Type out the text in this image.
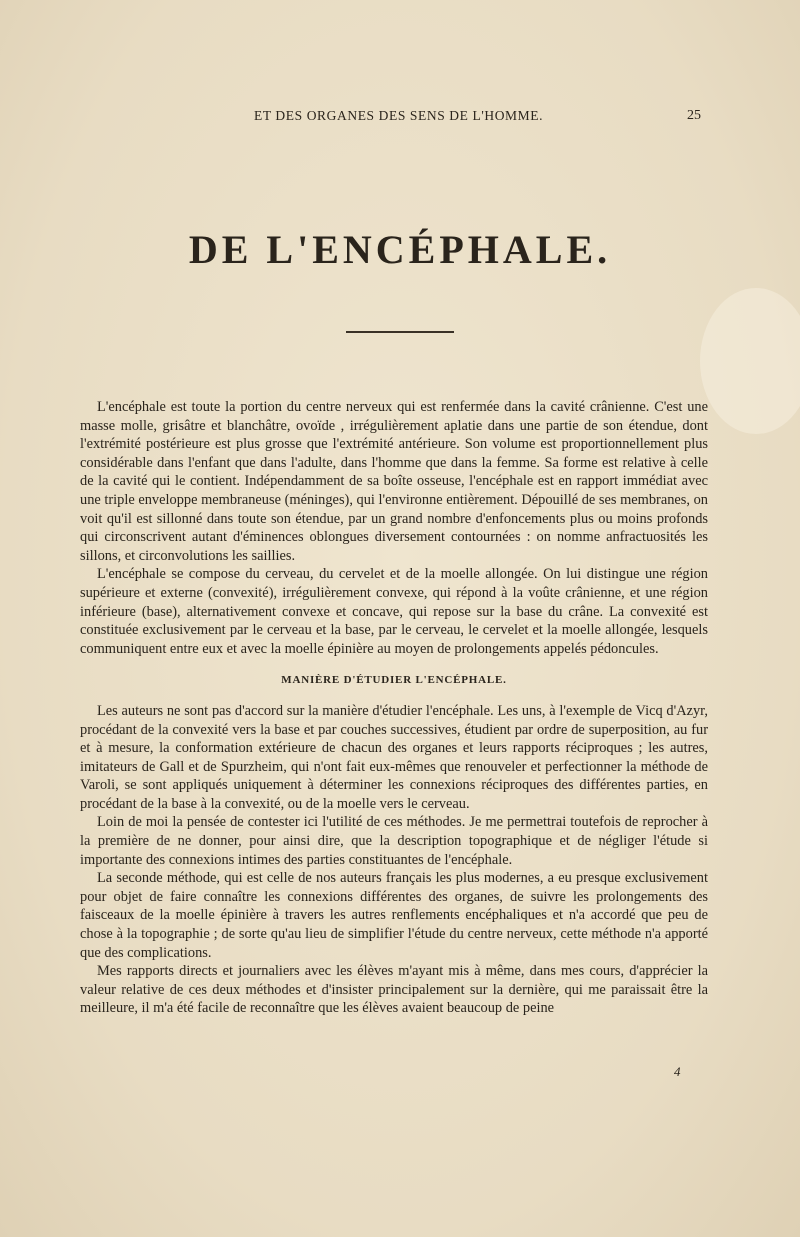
ET DES ORGANES DES SENS DE L'HOMME.	25
DE L'ENCÉPHALE.

L'encéphale est toute la portion du centre nerveux qui est renfermée dans la cavité crânienne. C'est une masse molle, grisâtre et blanchâtre, ovoïde , irrégulièrement aplatie dans une partie de son étendue, dont l'extrémité postérieure est plus grosse que l'extrémité antérieure. Son volume est proportionnellement plus considérable dans l'enfant que dans l'adulte, dans l'homme que dans la femme. Sa forme est relative à celle de la cavité qui le contient. Indépendamment de sa boîte osseuse, l'encéphale est en rapport immédiat avec une triple enveloppe membraneuse (méninges), qui l'environne entièrement. Dépouillé de ses membranes, on voit qu'il est sillonné dans toute son étendue, par un grand nombre d'enfoncements plus ou moins profonds qui circonscrivent autant d'éminences oblongues diversement contournées : on nomme anfractuosités les sillons, et circonvolutions les saillies.

L'encéphale se compose du cerveau, du cervelet et de la moelle allongée. On lui distingue une région supérieure et externe (convexité), irrégulièrement convexe, qui répond à la voûte crânienne, et une région inférieure (base), alternativement convexe et concave, qui repose sur la base du crâne. La convexité est constituée exclusivement par le cerveau et la base, par le cerveau, le cervelet et la moelle allongée, lesquels communiquent entre eux et avec la moelle épinière au moyen de prolongements appelés pédoncules.

MANIÈRE D'ÉTUDIER L'ENCÉPHALE.

Les auteurs ne sont pas d'accord sur la manière d'étudier l'encéphale. Les uns, à l'exemple de Vicq d'Azyr, procédant de la convexité vers la base et par couches successives, étudient par ordre de superposition, au fur et à mesure, la conformation extérieure de chacun des organes et leurs rapports réciproques ; les autres, imitateurs de Gall et de Spurzheim, qui n'ont fait eux-mêmes que renouveler et perfectionner la méthode de Varoli, se sont appliqués uniquement à déterminer les connexions réciproques des différentes parties, en procédant de la base à la convexité, ou de la moelle vers le cerveau.

Loin de moi la pensée de contester ici l'utilité de ces méthodes. Je me permettrai toutefois de reprocher à la première de ne donner, pour ainsi dire, que la description topographique et de négliger l'étude si importante des connexions intimes des parties constituantes de l'encéphale.

La seconde méthode, qui est celle de nos auteurs français les plus modernes, a eu presque exclusivement pour objet de faire connaître les connexions différentes des organes, de suivre les prolongements des faisceaux de la moelle épinière à travers les autres renflements encéphaliques et n'a accordé que peu de chose à la topographie ; de sorte qu'au lieu de simplifier l'étude du centre nerveux, cette méthode n'a apporté que des complications.

Mes rapports directs et journaliers avec les élèves m'ayant mis à même, dans mes cours, d'apprécier la valeur relative de ces deux méthodes et d'insister principalement sur la dernière, qui me paraissait être la meilleure, il m'a été facile de reconnaître que les élèves avaient beaucoup de peine

4
